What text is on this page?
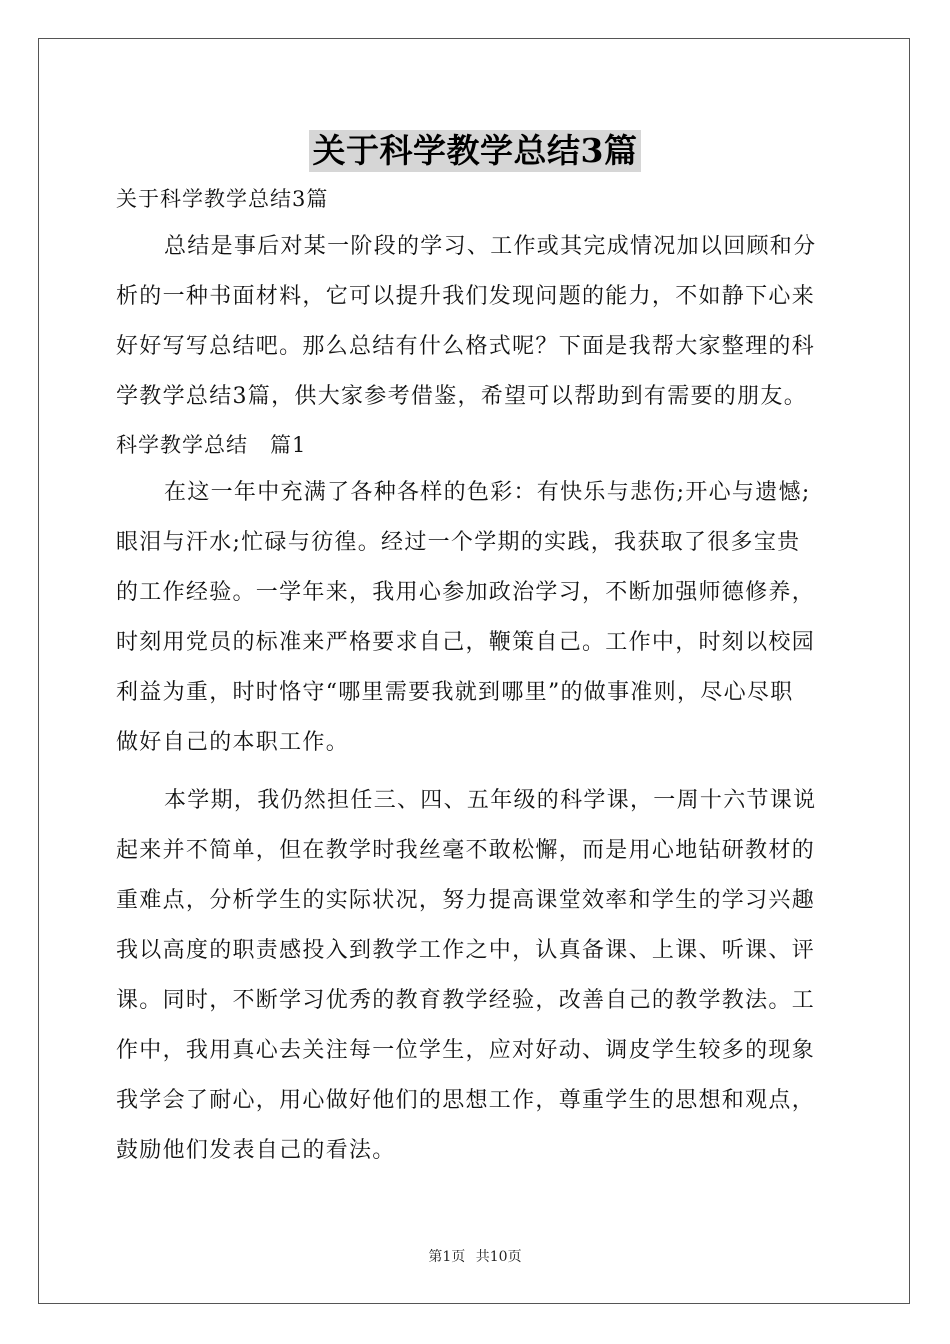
关于科学教学总结3篇
关于科学教学总结3篇
总结是事后对某一阶段的学习、工作或其完成情况加以回顾和分
析的一种书面材料，它可以提升我们发现问题的能力，不如静下心来
好好写写总结吧。那么总结有什么格式呢？下面是我帮大家整理的科
学教学总结3篇，供大家参考借鉴，希望可以帮助到有需要的朋友。
科学教学总结　篇1
在这一年中充满了各种各样的色彩：有快乐与悲伤;开心与遗憾;
眼泪与汗水;忙碌与彷徨。经过一个学期的实践，我获取了很多宝贵
的工作经验。一学年来，我用心参加政治学习，不断加强师德修养，
时刻用党员的标准来严格要求自己，鞭策自己。工作中，时刻以校园
利益为重，时时恪守“哪里需要我就到哪里”的做事准则，尽心尽职
做好自己的本职工作。
本学期，我仍然担任三、四、五年级的科学课，一周十六节课说
起来并不简单，但在教学时我丝毫不敢松懈，而是用心地钻研教材的
重难点，分析学生的实际状况，努力提高课堂效率和学生的学习兴趣
我以高度的职责感投入到教学工作之中，认真备课、上课、听课、评
课。同时，不断学习优秀的教育教学经验，改善自己的教学教法。工
作中，我用真心去关注每一位学生，应对好动、调皮学生较多的现象
我学会了耐心，用心做好他们的思想工作，尊重学生的思想和观点，
鼓励他们发表自己的看法。
第1页 共10页
